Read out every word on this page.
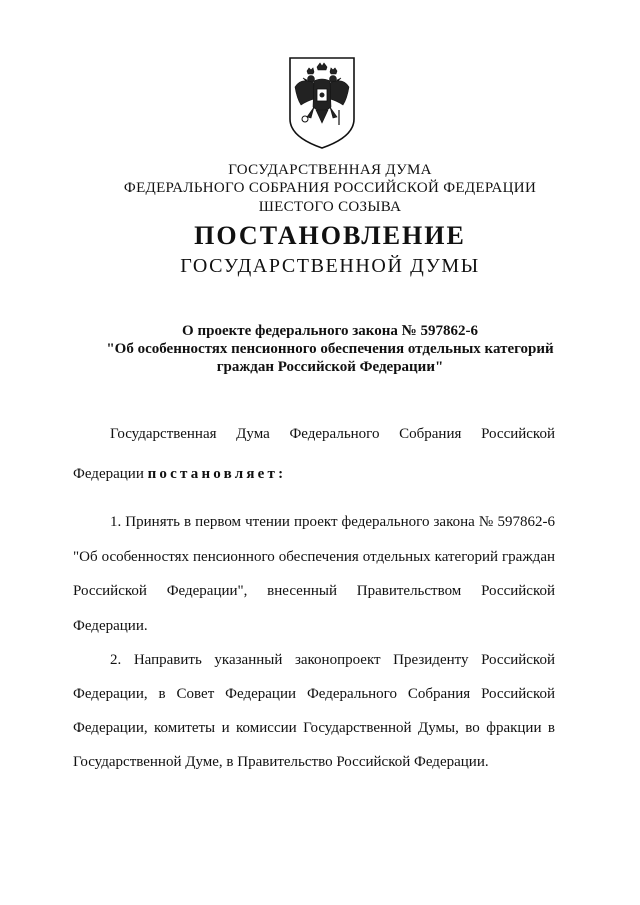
ГОСУДАРСТВЕННАЯ ДУМА
ФЕДЕРАЛЬНОГО СОБРАНИЯ РОССИЙСКОЙ ФЕДЕРАЦИИ
ШЕСТОГО СОЗЫВА
ПОСТАНОВЛЕНИЕ
ГОСУДАРСТВЕННОЙ ДУМЫ
О проекте федерального закона № 597862-6
"Об особенностях пенсионного обеспечения отдельных категорий
граждан Российской Федерации"
Государственная Дума Федерального Собрания Российской
Федерации постановляет:
1. Принять в первом чтении проект федерального закона № 597862-6
"Об особенностях пенсионного обеспечения отдельных категорий граждан
Российской Федерации", внесенный Правительством Российской
Федерации.
2. Направить указанный законопроект Президенту Российской
Федерации, в Совет Федерации Федерального Собрания Российской
Федерации, комитеты и комиссии Государственной Думы, во фракции в
Государственной Думе, в Правительство Российской Федерации.
